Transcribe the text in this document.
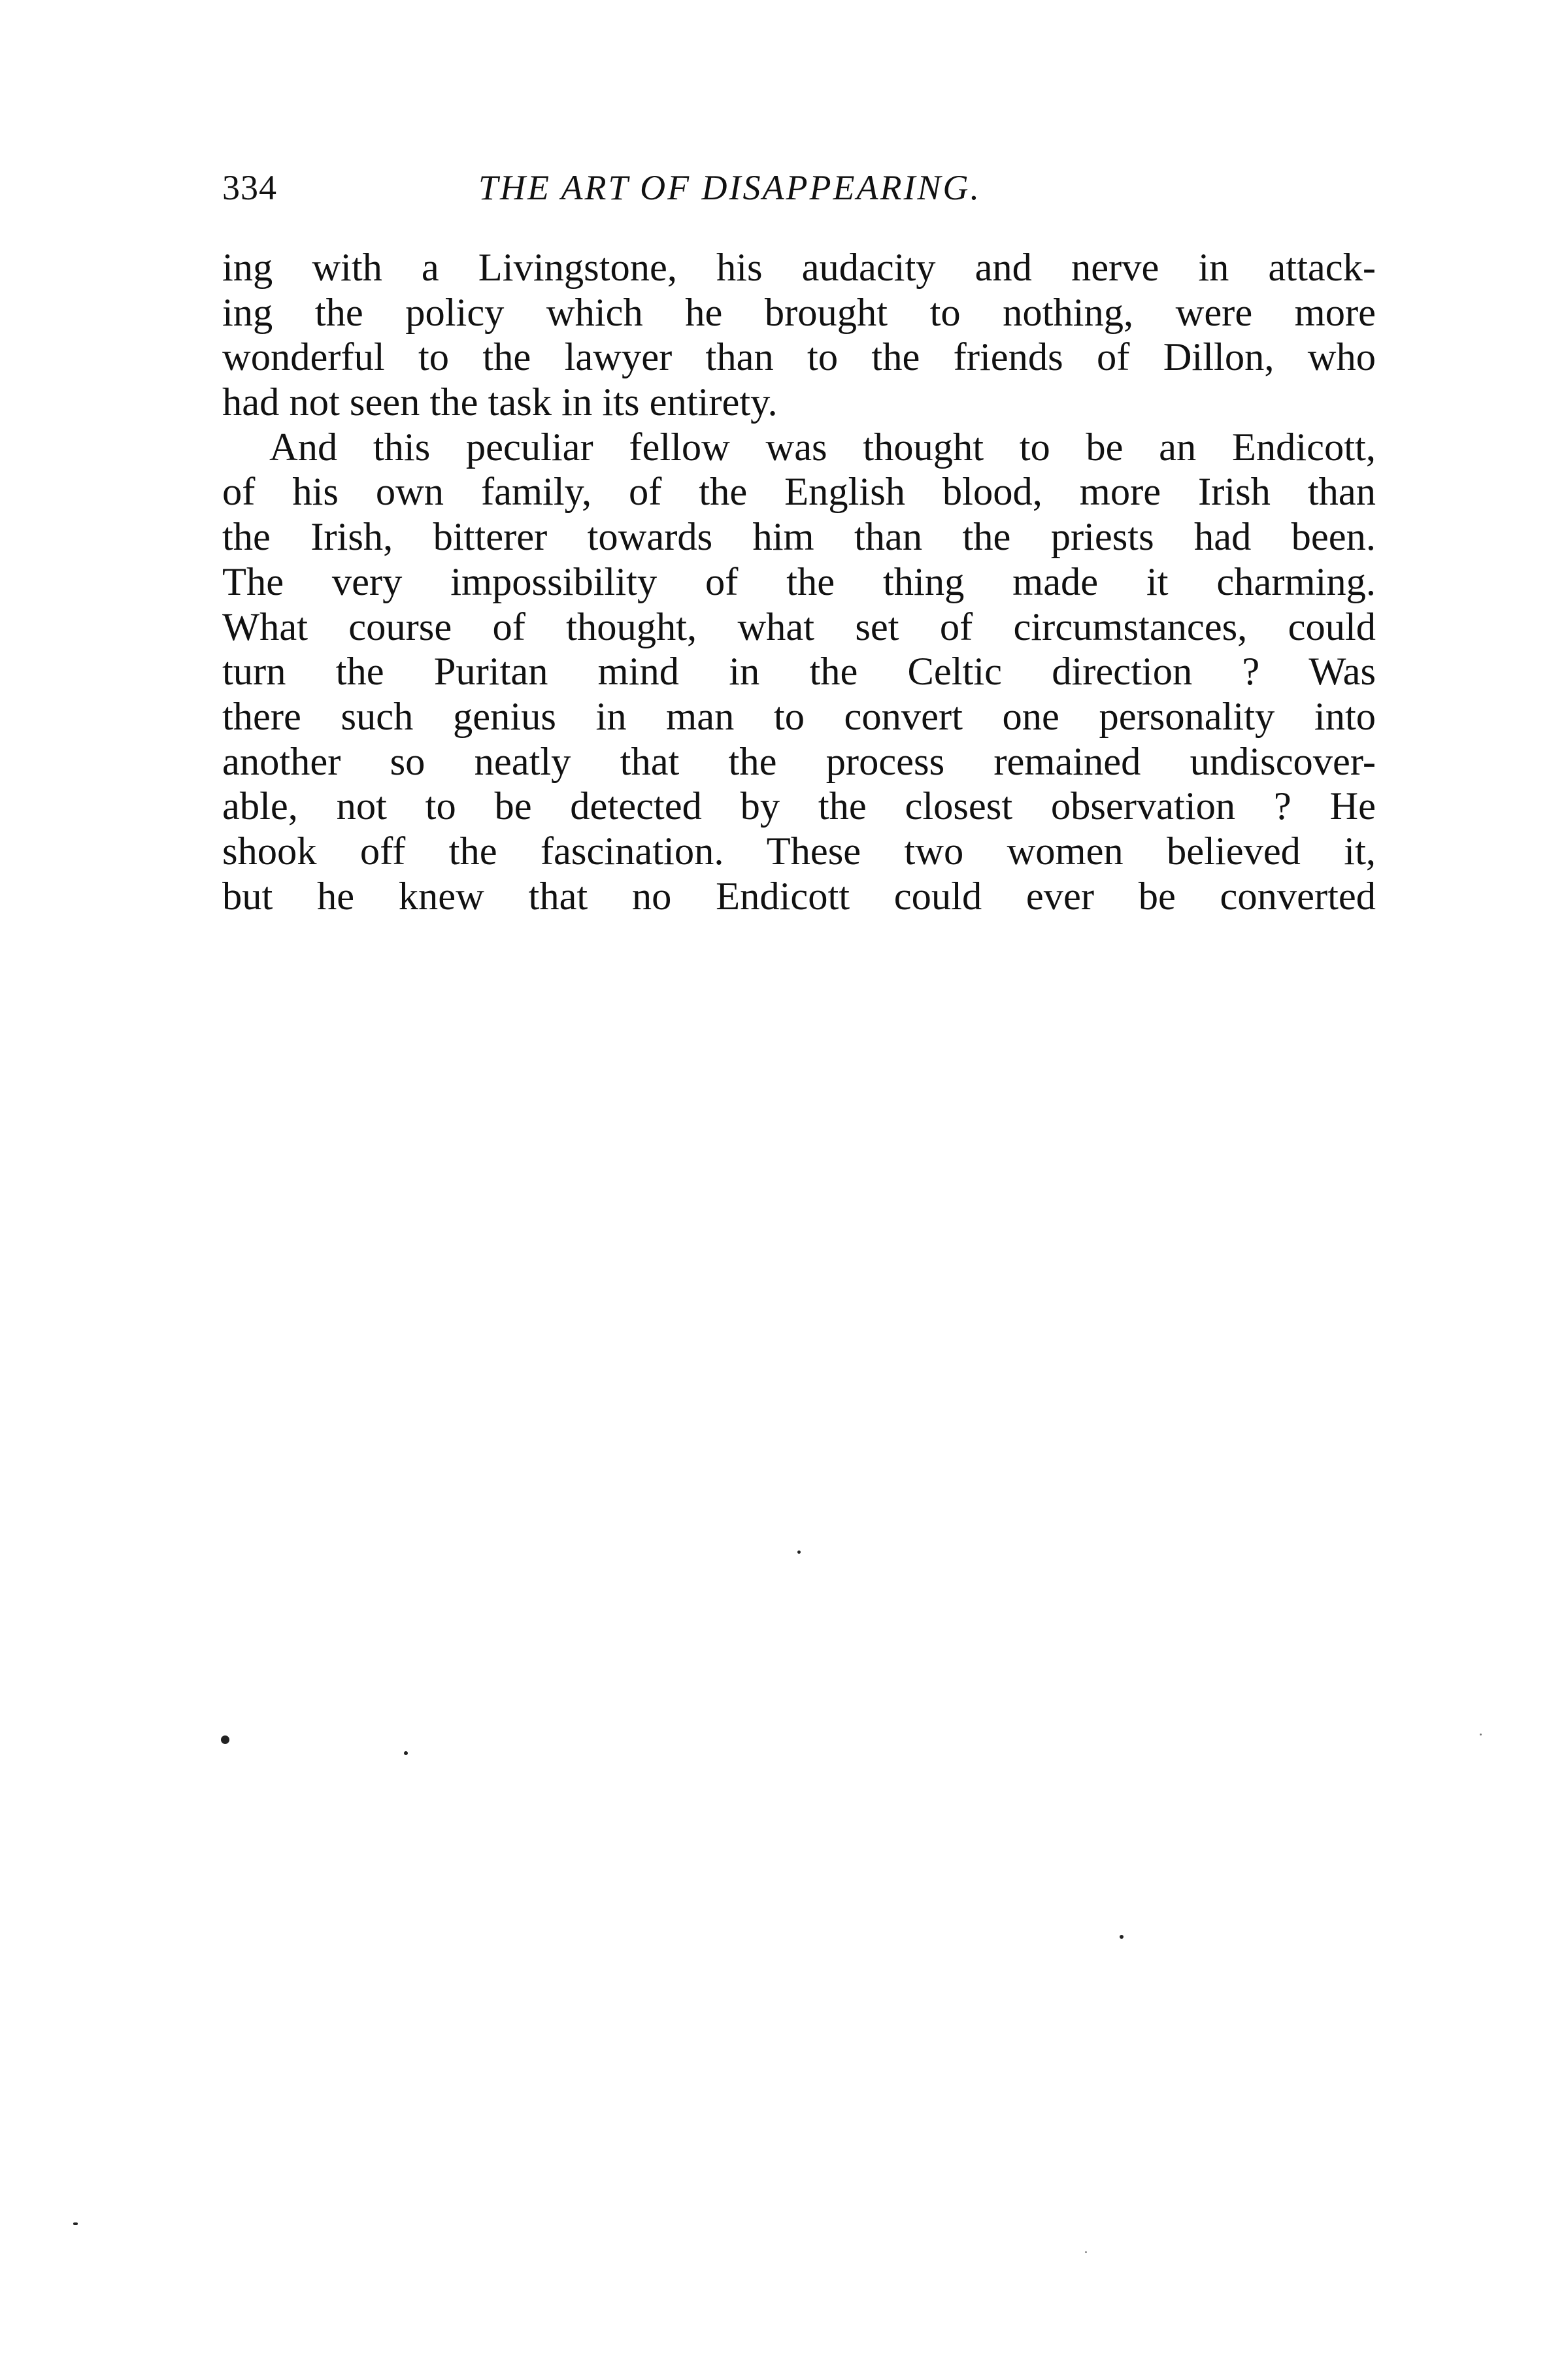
334	THE ART OF DISAPPEARING.
ing with a Livingstone, his audacity and nerve in attack-
ing the policy which he brought to nothing, were more
wonderful to the lawyer than to the friends of Dillon, who
had not seen the task in its entirety.
And this peculiar fellow was thought to be an Endicott,
of his own family, of the English blood, more Irish than
the Irish, bitterer towards him than the priests had been.
The very impossibility of the thing made it charming.
What course of thought, what set of circumstances, could
turn the Puritan mind in the Celtic direction ? Was
there such genius in man to convert one personality into
another so neatly that the process remained undiscover-
able, not to be detected by the closest observation ? He
shook off the fascination. These two women believed it,
but he knew that no Endicott could ever be converted
